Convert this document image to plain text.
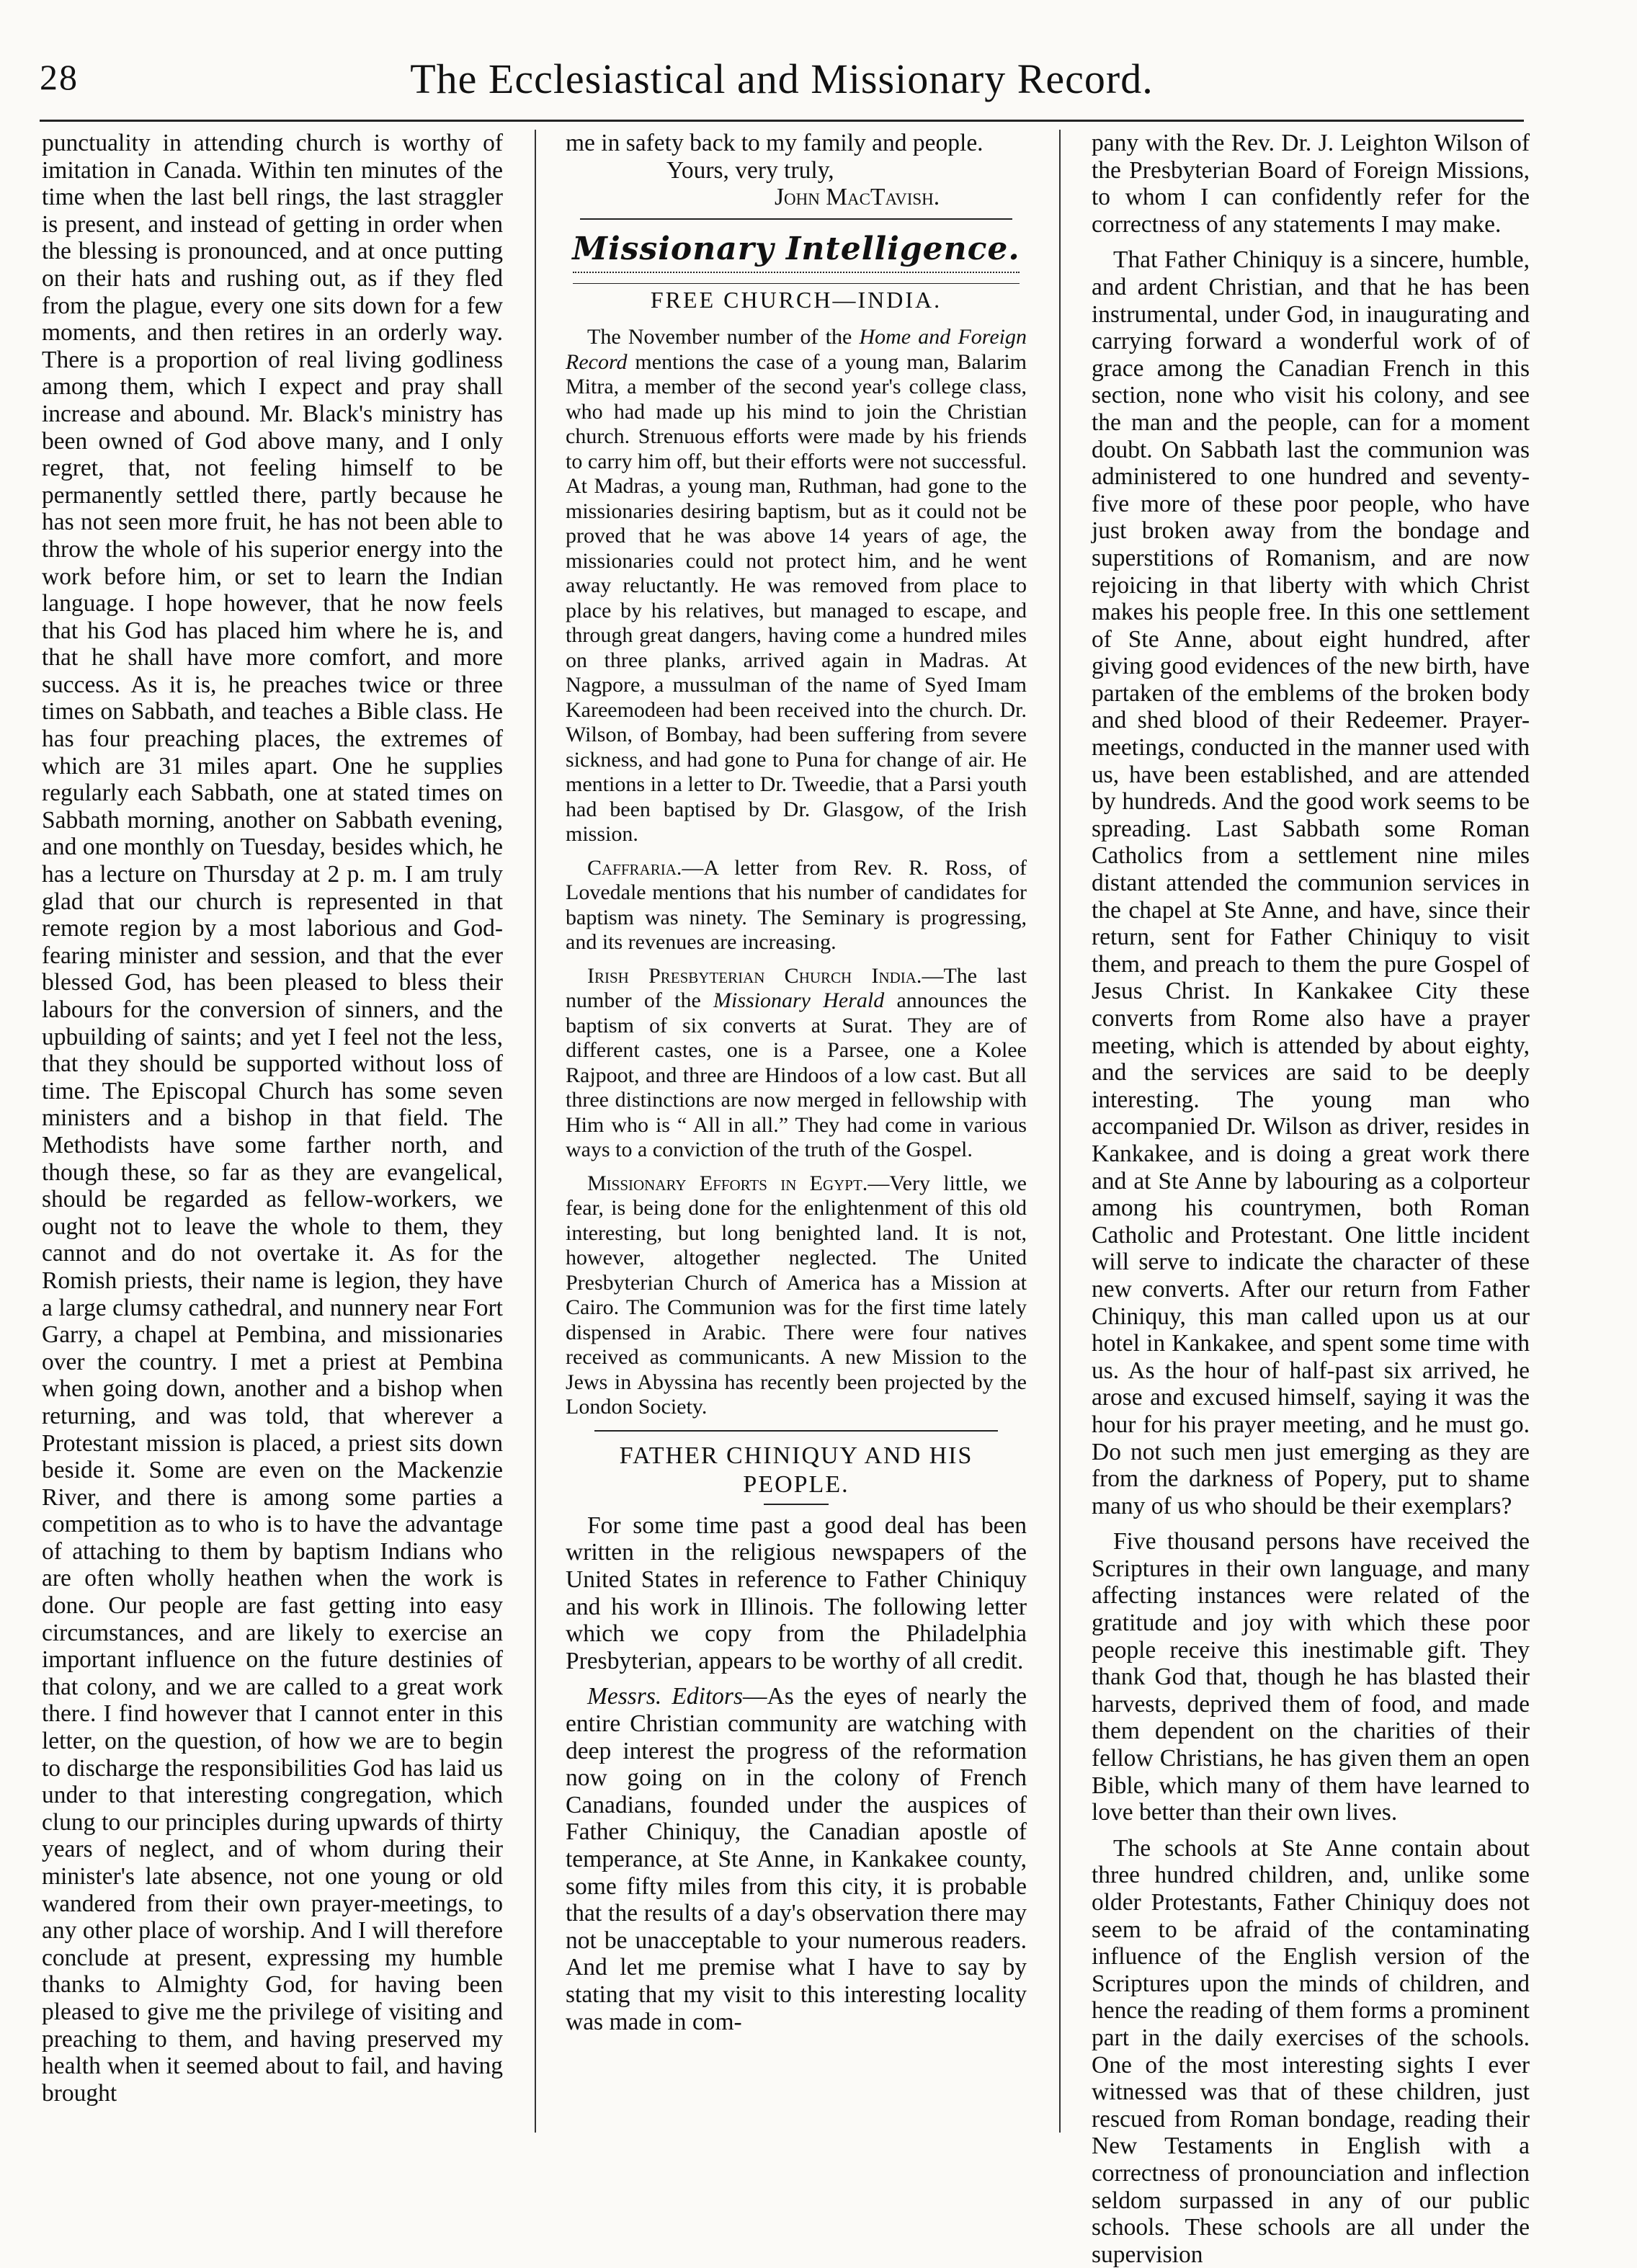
28	The Ecclesiastical and Missionary Record.

punctuality in attending church is worthy of imitation in Canada. Within ten minutes of the time when the last bell rings, the last straggler is present, and instead of getting in order when the blessing is pronounced, and at once putting on their hats and rushing out, as if they fled from the plague, every one sits down for a few moments, and then retires in an orderly way. There is a proportion of real living godliness among them, which I expect and pray shall increase and abound. Mr. Black's ministry has been owned of God above many, and I only regret, that, not feeling himself to be permanently settled there, partly because he has not seen more fruit, he has not been able to throw the whole of his superior energy into the work before him, or set to learn the Indian language. I hope however, that he now feels that his God has placed him where he is, and that he shall have more comfort, and more success. As it is, he preaches twice or three times on Sabbath, and teaches a Bible class. He has four preaching places, the extremes of which are 31 miles apart. One he supplies regularly each Sabbath, one at stated times on Sabbath morning, another on Sabbath evening, and one monthly on Tuesday, besides which, he has a lecture on Thursday at 2 p. m. I am truly glad that our church is represented in that remote region by a most laborious and God-fearing minister and session, and that the ever blessed God, has been pleased to bless their labours for the conversion of sinners, and the upbuilding of saints; and yet I feel not the less, that they should be supported without loss of time. The Episcopal Church has some seven ministers and a bishop in that field. The Methodists have some farther north, and though these, so far as they are evangelical, should be regarded as fellow-workers, we ought not to leave the whole to them, they cannot and do not overtake it. As for the Romish priests, their name is legion, they have a large clumsy cathedral, and nunnery near Fort Garry, a chapel at Pembina, and missionaries over the country. I met a priest at Pembina when going down, another and a bishop when returning, and was told, that wherever a Protestant mission is placed, a priest sits down beside it. Some are even on the Mackenzie River, and there is among some parties a competition as to who is to have the advantage of attaching to them by baptism Indians who are often wholly heathen when the work is done. Our people are fast getting into easy circumstances, and are likely to exercise an important influence on the future destinies of that colony, and we are called to a great work there. I find however that I cannot enter in this letter, on the question, of how we are to begin to discharge the responsibilities God has laid us under to that interesting congregation, which clung to our principles during upwards of thirty years of neglect, and of whom during their minister's late absence, not one young or old wandered from their own prayer-meetings, to any other place of worship. And I will therefore conclude at present, expressing my humble thanks to Almighty God, for having been pleased to give me the privilege of visiting and preaching to them, and having preserved my health when it seemed about to fail, and having brought

me in safety back to my family and people.

Yours, very truly,

John MacTavish.

Missionary Intelligence.
FREE CHURCH—INDIA.

The November number of the Home and Foreign Record mentions the case of a young man, Balarim Mitra, a member of the second year's college class, who had made up his mind to join the Christian church. Strenuous efforts were made by his friends to carry him off, but their efforts were not successful. At Madras, a young man, Ruthman, had gone to the missionaries desiring baptism, but as it could not be proved that he was above 14 years of age, the missionaries could not protect him, and he went away reluctantly. He was removed from place to place by his relatives, but managed to escape, and through great dangers, having come a hundred miles on three planks, arrived again in Madras. At Nagpore, a mussulman of the name of Syed Imam Kareemodeen had been received into the church. Dr. Wilson, of Bombay, had been suffering from severe sickness, and had gone to Puna for change of air. He mentions in a letter to Dr. Tweedie, that a Parsi youth had been baptised by Dr. Glasgow, of the Irish mission.

Caffraria.—A letter from Rev. R. Ross, of Lovedale mentions that his number of candidates for baptism was ninety. The Seminary is progressing, and its revenues are increasing.

Irish Presbyterian Church India.—The last number of the Missionary Herald announces the baptism of six converts at Surat. They are of different castes, one is a Parsee, one a Kolee Rajpoot, and three are Hindoos of a low cast. But all three distinctions are now merged in fellowship with Him who is “ All in all.” They had come in various ways to a conviction of the truth of the Gospel.

Missionary Efforts in Egypt.—Very little, we fear, is being done for the enlightenment of this old interesting, but long benighted land. It is not, however, altogether neglected. The United Presbyterian Church of America has a Mission at Cairo. The Communion was for the first time lately dispensed in Arabic. There were four natives received as communicants. A new Mission to the Jews in Abyssina has recently been projected by the London Society.

FATHER CHINIQUY AND HIS PEOPLE.

For some time past a good deal has been written in the religious newspapers of the United States in reference to Father Chiniquy and his work in Illinois. The following letter which we copy from the Philadelphia Presbyterian, appears to be worthy of all credit.

Messrs. Editors—As the eyes of nearly the entire Christian community are watching with deep interest the progress of the reformation now going on in the colony of French Canadians, founded under the auspices of Father Chiniquy, the Canadian apostle of temperance, at Ste Anne, in Kankakee county, some fifty miles from this city, it is probable that the results of a day's observation there may not be unacceptable to your numerous readers. And let me premise what I have to say by stating that my visit to this interesting locality was made in com-

pany with the Rev. Dr. J. Leighton Wilson of the Presbyterian Board of Foreign Missions, to whom I can confidently refer for the correctness of any statements I may make.

That Father Chiniquy is a sincere, humble, and ardent Christian, and that he has been instrumental, under God, in inaugurating and carrying forward a wonderful work of of grace among the Canadian French in this section, none who visit his colony, and see the man and the people, can for a moment doubt. On Sabbath last the communion was administered to one hundred and seventy-five more of these poor people, who have just broken away from the bondage and superstitions of Romanism, and are now rejoicing in that liberty with which Christ makes his people free. In this one settlement of Ste Anne, about eight hundred, after giving good evidences of the new birth, have partaken of the emblems of the broken body and shed blood of their Redeemer. Prayer-meetings, conducted in the manner used with us, have been established, and are attended by hundreds. And the good work seems to be spreading. Last Sabbath some Roman Catholics from a settlement nine miles distant attended the communion services in the chapel at Ste Anne, and have, since their return, sent for Father Chiniquy to visit them, and preach to them the pure Gospel of Jesus Christ. In Kankakee City these converts from Rome also have a prayer meeting, which is attended by about eighty, and the services are said to be deeply interesting. The young man who accompanied Dr. Wilson as driver, resides in Kankakee, and is doing a great work there and at Ste Anne by labouring as a colporteur among his countrymen, both Roman Catholic and Protestant. One little incident will serve to indicate the character of these new converts. After our return from Father Chiniquy, this man called upon us at our hotel in Kankakee, and spent some time with us. As the hour of half-past six arrived, he arose and excused himself, saying it was the hour for his prayer meeting, and he must go. Do not such men just emerging as they are from the darkness of Popery, put to shame many of us who should be their exemplars?

Five thousand persons have received the Scriptures in their own language, and many affecting instances were related of the gratitude and joy with which these poor people receive this inestimable gift. They thank God that, though he has blasted their harvests, deprived them of food, and made them dependent on the charities of their fellow Christians, he has given them an open Bible, which many of them have learned to love better than their own lives.

The schools at Ste Anne contain about three hundred children, and, unlike some older Protestants, Father Chiniquy does not seem to be afraid of the contaminating influence of the English version of the Scriptures upon the minds of children, and hence the reading of them forms a prominent part in the daily exercises of the schools. One of the most interesting sights I ever witnessed was that of these children, just rescued from Roman bondage, reading their New Testaments in English with a correctness of pronounciation and inflection seldom surpassed in any of our public schools. These schools are all under the supervision
